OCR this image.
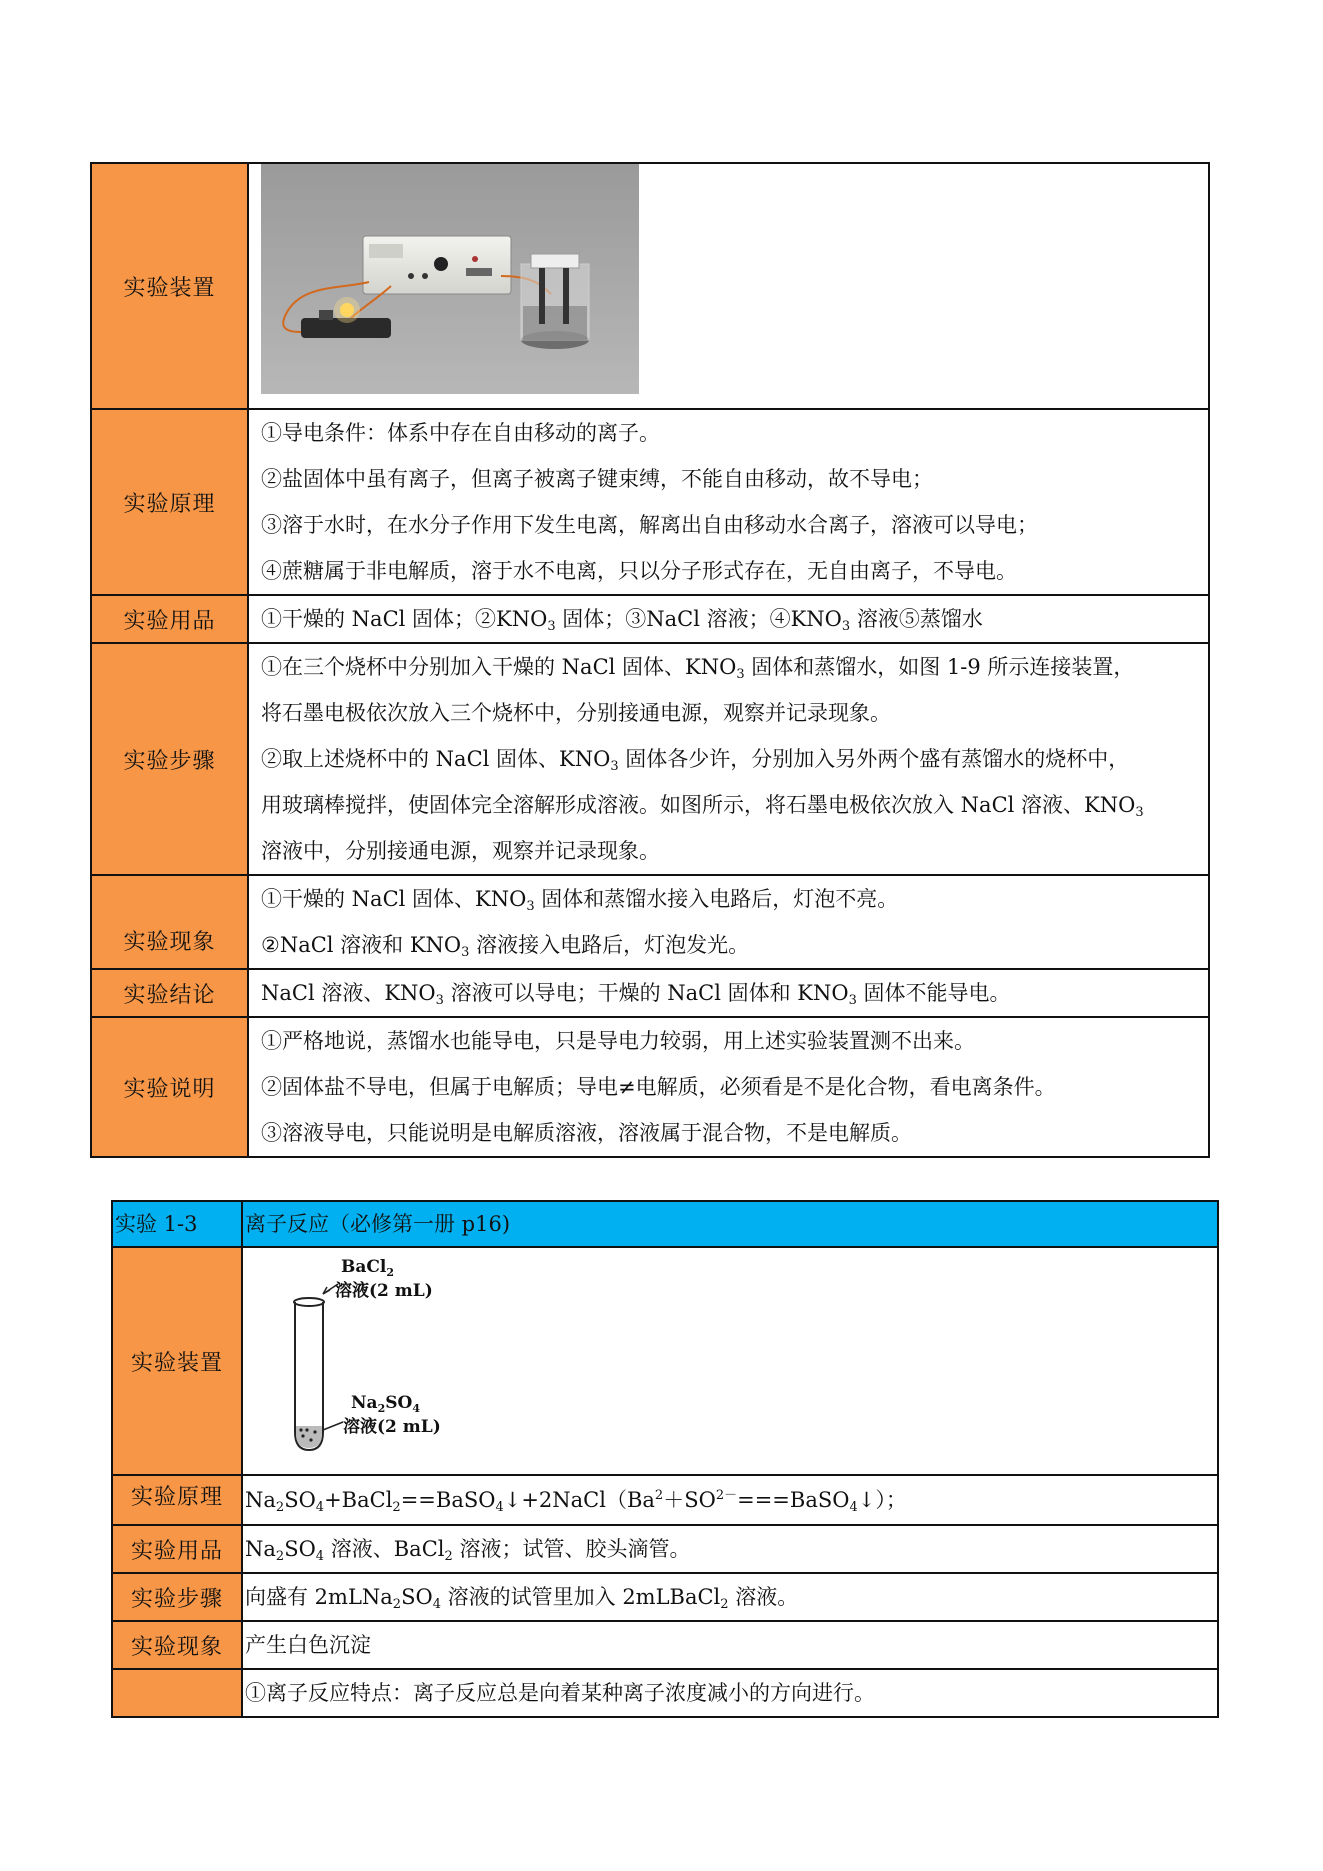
实验装置	

实验原理	①导电条件：体系中存在自由移动的离子。
②盐固体中虽有离子，但离子被离子键束缚，不能自由移动，故不导电；
③溶于水时，在水分子作用下发生电离，解离出自由移动水合离子，溶液可以导电；
④蔗糖属于非电解质，溶于水不电离，只以分子形式存在，无自由离子，不导电。

实验用品	①干燥的 NaCl 固体；$②KNO_3$ 固体；③NaCl 溶液；$④KNO_3$ 溶液⑤蒸馏水

实验步骤	①在三个烧杯中分别加入干燥的 NaCl 固体、$KNO_3$ 固体和蒸馏水，如图 1-9 所示连接装置，
将石墨电极依次放入三个烧杯中，分别接通电源，观察并记录现象。
②取上述烧杯中的 NaCl 固体、$KNO_3$ 固体各少许，分别加入另外两个盛有蒸馏水的烧杯中，
用玻璃棒搅拌，使固体完全溶解形成溶液。如图所示，将石墨电极依次放入 NaCl 溶液、$KNO_3$
溶液中，分别接通电源，观察并记录现象。

实验现象	①干燥的 NaCl 固体、$KNO_3$ 固体和蒸馏水接入电路后，灯泡不亮。
②NaCl 溶液和 $KNO_3$ 溶液接入电路后，灯泡发光。

实验结论	NaCl 溶液、$KNO_3$ 溶液可以导电；干燥的 NaCl 固体和 $KNO_3$ 固体不能导电。

实验说明	①严格地说，蒸馏水也能导电，只是导电力较弱，用上述实验装置测不出来。
②固体盐不导电，但属于电解质；导电≠电解质，必须看是不是化合物，看电离条件。
③溶液导电，只能说明是电解质溶液，溶液属于混合物，不是电解质。
实验 1-3	离子反应（必修第一册 p16)
实验装置	BaCl$_2$
溶液(2 mL)
$Na_2SO_4$
溶液(2 mL)

实验原理	$Na_2SO_4+BaCl_2==BaSO_4↓+2NaCl(Ba^2+SO^{2-}===BaSO_4↓)$；

实验用品	$Na_2SO_4$ 溶液、BaCl$_2$ 溶液；试管、胶头滴管。

实验步骤	向盛有 $2mLNa_2SO_4$ 溶液的试管里加入 2mLBaCl$_2$ 溶液。

实验现象	产生白色沉淀
	①离子反应特点：离子反应总是向着某种离子浓度减小的方向进行。
